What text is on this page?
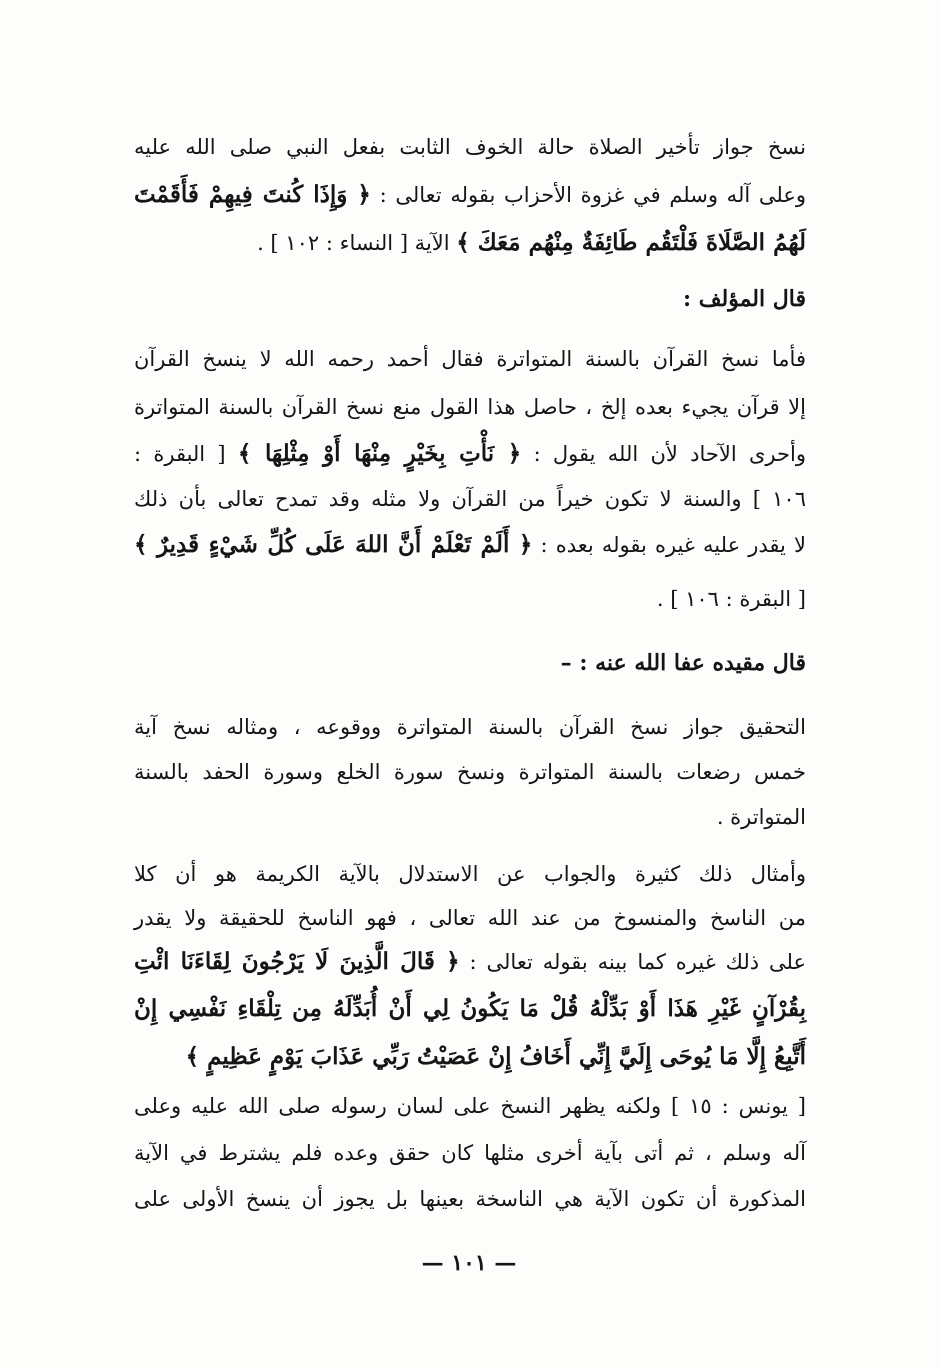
نسخ جواز تأخير الصلاة حالة الخوف الثابت بفعل النبي صلى الله عليه
وعلى آله وسلم في غزوة الأحزاب بقوله تعالى : ﴿ وَإِذَا كُنتَ فِيهِمْ فَأَقَمْتَ
لَهُمُ الصَّلَاةَ فَلْتَقُم طَائِفَةٌ مِنْهُم مَعَكَ ﴾ الآية [ النساء : ١٠٢ ] .
قال المؤلف :
فأما نسخ القرآن بالسنة المتواترة فقال أحمد رحمه الله لا ينسخ القرآن
إلا قرآن يجيء بعده إلخ ، حاصل هذا القول منع نسخ القرآن بالسنة المتواترة
وأحرى الآحاد لأن الله يقول : ﴿ نَأْتِ بِخَيْرٍ مِنْهَا أَوْ مِثْلِهَا ﴾ [ البقرة :
١٠٦ ] والسنة لا تكون خيراً من القرآن ولا مثله وقد تمدح تعالى بأن ذلك
لا يقدر عليه غيره بقوله بعده : ﴿ أَلَمْ تَعْلَمْ أَنَّ اللهَ عَلَى كُلِّ شَيْءٍ قَدِيرٌ ﴾
[ البقرة : ١٠٦ ] .
قال مقيده عفا الله عنه : –
التحقيق جواز نسخ القرآن بالسنة المتواترة ووقوعه ، ومثاله نسخ آية
خمس رضعات بالسنة المتواترة ونسخ سورة الخلع وسورة الحفد بالسنة
المتواترة .
وأمثال ذلك كثيرة والجواب عن الاستدلال بالآية الكريمة هو أن كلا
من الناسخ والمنسوخ من عند الله تعالى ، فهو الناسخ للحقيقة ولا يقدر
على ذلك غيره كما بينه بقوله تعالى : ﴿ قَالَ الَّذِينَ لَا يَرْجُونَ لِقَاءَنَا ائْتِ
بِقُرْآنٍ غَيْرِ هَذَا أَوْ بَدِّلْهُ قُلْ مَا يَكُونُ لِي أَنْ أُبَدِّلَهُ مِن تِلْقَاءِ نَفْسِي إِنْ
أَتَّبِعُ إِلَّا مَا يُوحَى إِلَيَّ إِنِّي أَخَافُ إِنْ عَصَيْتُ رَبِّي عَذَابَ يَوْمٍ عَظِيمٍ ﴾
[ يونس : ١٥ ] ولكنه يظهر النسخ على لسان رسوله صلى الله عليه وعلى
آله وسلم ، ثم أتى بآية أخرى مثلها كان حقق وعده فلم يشترط في الآية
المذكورة أن تكون الآية هي الناسخة بعينها بل يجوز أن ينسخ الأولى على
— ١٠١ —
